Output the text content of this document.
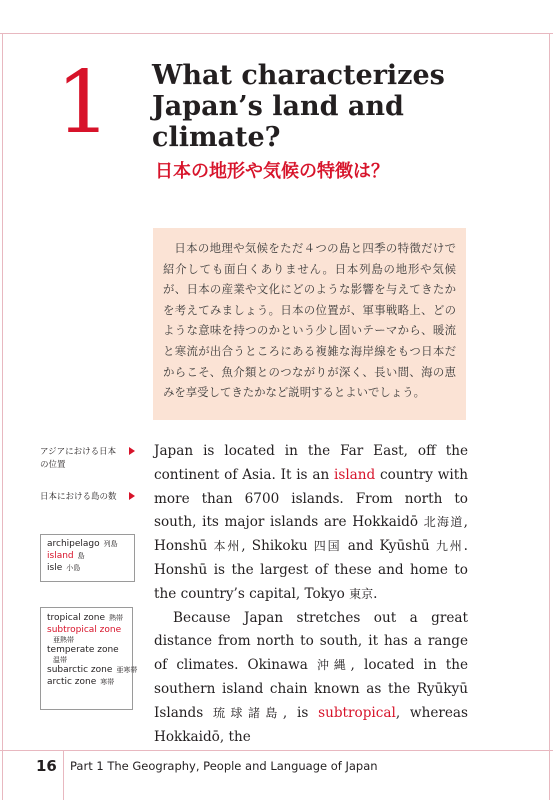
1 What characterizes Japan’s land and climate?
日本の地形や気候の特徴は？
日本の地理や気候をただ４つの島と四季の特徴だけで紹介しても面白くありません。日本列島の地形や気候が、日本の産業や文化にどのような影響を与えてきたかを考えてみましょう。日本の位置が、軍事戦略上、どのような意味を持つのかという少し固いテーマから、暖流と寒流が出合うところにある複雑な海岸線をもつ日本だからこそ、魚介類とのつながりが深く、長い間、海の恵みを享受してきたかなど説明するとよいでしょう。
アジアにおける日本
の位置
日本における島の数
archipelago 列島
island 島
isle 小島
tropical zone 熱帯
subtropical zone
亜熱帯
temperate zone
温帯
subarctic zone 亜寒帯
arctic zone 寒帯

Japan is located in the Far East, off the continent of Asia. It is an island country with more than 6700 islands. From north to south, its major islands are Hokkaidō 北海道, Honshū 本州, Shikoku 四国 and Kyūshū 九州. Honshū is the largest of these and home to the country’s capital, Tokyo 東京.

Because Japan stretches out a great distance from north to south, it has a range of climates. Okinawa 沖縄, located in the southern island chain known as the Ryūkyū Islands 琉球諸島, is subtropical, whereas Hokkaidō, the

16 Part 1 The Geography, People and Language of Japan
